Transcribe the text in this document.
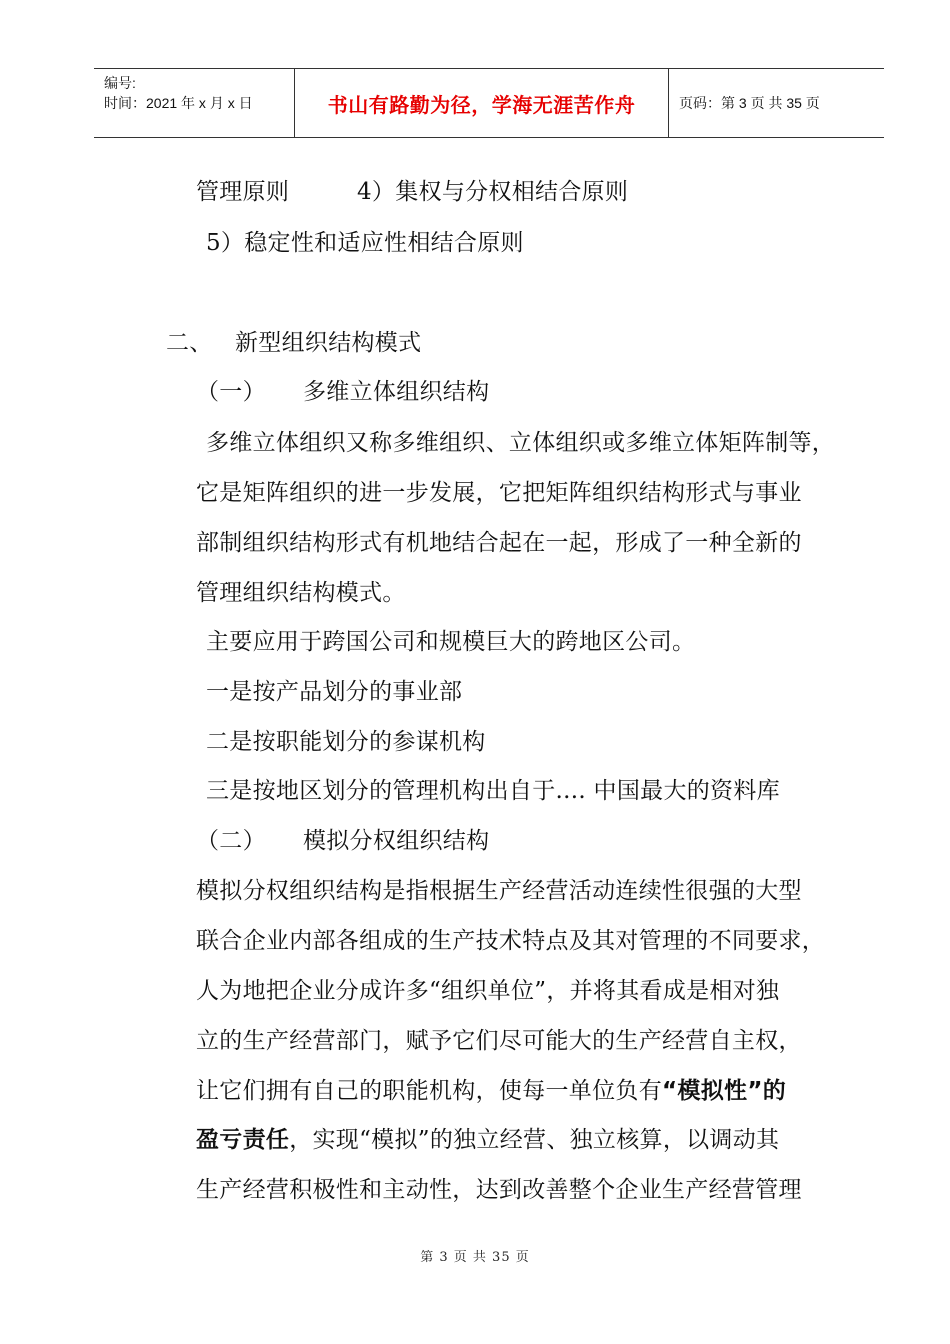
编号:
时间：2021 年 x 月 x 日	书山有路勤为径，学海无涯苦作舟	页码：第 3 页 共 35 页
管理原则	4）集权与分权相结合原则
5）稳定性和适应性相结合原则
二、 新型组织结构模式
（一） 多维立体组织结构
多维立体组织又称多维组织、立体组织或多维立体矩阵制等，
它是矩阵组织的进一步发展，它把矩阵组织结构形式与事业
部制组织结构形式有机地结合起在一起，形成了一种全新的
管理组织结构模式。
主要应用于跨国公司和规模巨大的跨地区公司。
一是按产品划分的事业部
二是按职能划分的参谋机构
三是按地区划分的管理机构出自于.... 中国最大的资料库
（二） 模拟分权组织结构
模拟分权组织结构是指根据生产经营活动连续性很强的大型
联合企业内部各组成的生产技术特点及其对管理的不同要求，
人为地把企业分成许多“组织单位”，并将其看成是相对独
立的生产经营部门，赋予它们尽可能大的生产经营自主权，
让它们拥有自己的职能机构，使每一单位负有“模拟性”的
盈亏责任，实现“模拟”的独立经营、独立核算，以调动其
生产经营积极性和主动性，达到改善整个企业生产经营管理
第 3 页 共 35 页
